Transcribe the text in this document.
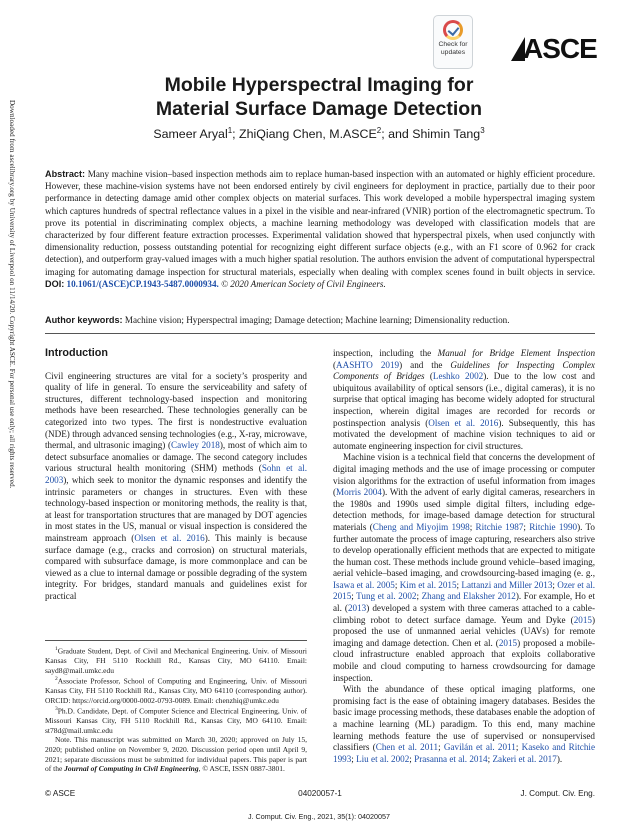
Downloaded from ascelibrary.org by University of Liverpool on 11/14/20. Copyright ASCE. For personal use only; all rights reserved.
Check for
updates ASCE
Mobile Hyperspectral Imaging for
Material Surface Damage Detection
Sameer Aryal$^1$; ZhiQiang Chen, M.ASCE$^2$; and Shimin Tang$^3$
Abstract: Many machine vision–based inspection methods aim to replace human-based inspection with an automated or highly efficient procedure. However, these machine-vision systems have not been endorsed entirely by civil engineers for deployment in practice, partially due to their poor performance in detecting damage amid other complex objects on material surfaces. This work developed a mobile hyperspectral imaging system which captures hundreds of spectral reflectance values in a pixel in the visible and near-infrared (VNIR) portion of the electromagnetic spectrum. To prove its potential in discriminating complex objects, a machine learning methodology was developed with classification models that are characterized by four different feature extraction processes. Experimental validation showed that hyperspectral pixels, when used conjunctly with dimensionality reduction, possess outstanding potential for recognizing eight different surface objects (e.g., with an F1 score of 0.962 for crack detection), and outperform gray-valued images with a much higher spatial resolution. The authors envision the advent of computational hyperspectral imaging for automating damage inspection for structural materials, especially when dealing with complex scenes found in built objects in service. DOI: 10.1061/(ASCE)CP.1943-5487.0000934. © 2020 American Society of Civil Engineers.
Author keywords: Machine vision; Hyperspectral imaging; Damage detection; Machine learning; Dimensionality reduction.
Introduction

Civil engineering structures are vital for a society’s prosperity and quality of life in general. To ensure the serviceability and safety of structures, different technology-based inspection and monitoring methods have been researched. These technologies generally can be categorized into two types. The first is nondestructive evaluation (NDE) through advanced sensing technologies (e.g., X-ray, microwave, thermal, and ultrasonic imaging) (Cawley 2018), most of which aim to detect subsurface anomalies or damage. The second category includes various structural health monitoring (SHM) methods (Sohn et al. 2003), which seek to monitor the dynamic responses and identify the intrinsic parameters or changes in structures. Even with these technology-based inspection or monitoring methods, the reality is that, at least for transportation structures that are managed by DOT agencies in most states in the US, manual or visual inspection is considered the mainstream approach (Olsen et al. 2016). This mainly is because surface damage (e.g., cracks and corrosion) on structural materials, compared with subsurface damage, is more commonplace and can be viewed as a clue to internal damage or possible degrading of the system integrity. For bridges, standard manuals and guidelines exist for practical

$^1$Graduate Student, Dept. of Civil and Mechanical Engineering, Univ. of Missouri Kansas City, FH 5110 Rockhill Rd., Kansas City, MO 64110. Email: sayd8@mail.umkc.edu

$^2$Associate Professor, School of Computing and Engineering, Univ. of Missouri Kansas City, FH 5110 Rockhill Rd., Kansas City, MO 64110 (corresponding author). ORCID: https://orcid.org/0000-0002-0793-0089. Email: chenzhiq@umkc.edu

$^3$Ph.D. Candidate, Dept. of Computer Science and Electrical Engineering, Univ. of Missouri Kansas City, FH 5110 Rockhill Rd., Kansas City, MO 64110. Email: st78d@mail.umkc.edu

Note. This manuscript was submitted on March 30, 2020; approved on July 15, 2020; published online on November 9, 2020. Discussion period open until April 9, 2021; separate discussions must be submitted for individual papers. This paper is part of the Journal of Computing in Civil Engineering, © ASCE, ISSN 0887-3801.

inspection, including the Manual for Bridge Element Inspection (AASHTO 2019) and the Guidelines for Inspecting Complex Components of Bridges (Leshko 2002). Due to the low cost and ubiquitous availability of optical sensors (i.e., digital cameras), it is no surprise that optical imaging has become widely adopted for structural inspection, wherein digital images are recorded for records or postinspection analysis (Olsen et al. 2016). Subsequently, this has motivated the development of machine vision techniques to aid or automate engineering inspection for civil structures.

Machine vision is a technical field that concerns the development of digital imaging methods and the use of image processing or computer vision algorithms for the extraction of useful information from images (Morris 2004). With the advent of early digital cameras, researchers in the 1980s and 1990s used simple digital filters, including edge-detection methods, for image-based damage detection for structural materials (Cheng and Miyojim 1998; Ritchie 1987; Ritchie 1990). To further automate the process of image capturing, researchers also strive to develop operationally efficient methods that are expected to mitigate the human cost. These methods include ground vehicle–based imaging, aerial vehicle–based imaging, and crowdsourcing-based imaging (e. g., Isawa et al. 2005; Kim et al. 2015; Lattanzi and Miller 2013; Ozer et al. 2015; Tung et al. 2002; Zhang and Elaksher 2012). For example, Ho et al. (2013) developed a system with three cameras attached to a cable-climbing robot to detect surface damage. Yeum and Dyke (2015) proposed the use of unmanned aerial vehicles (UAVs) for remote imaging and damage detection. Chen et al. (2015) proposed a mobile-cloud infrastructure enabled approach that exploits collaborative mobile and cloud computing to harness crowdsourcing for damage inspection.

With the abundance of these optical imaging platforms, one promising fact is the ease of obtaining imagery databases. Besides the basic image processing methods, these databases enable the adoption of a machine learning (ML) paradigm. To this end, many machine learning methods feature the use of supervised or nonsupervised classifiers (Chen et al. 2011; Gavilán et al. 2011; Kaseko and Ritchie 1993; Liu et al. 2002; Prasanna et al. 2014; Zakeri et al. 2017).

© ASCE	04020057-1	J. Comput. Civ. Eng.
J. Comput. Civ. Eng., 2021, 35(1): 04020057
